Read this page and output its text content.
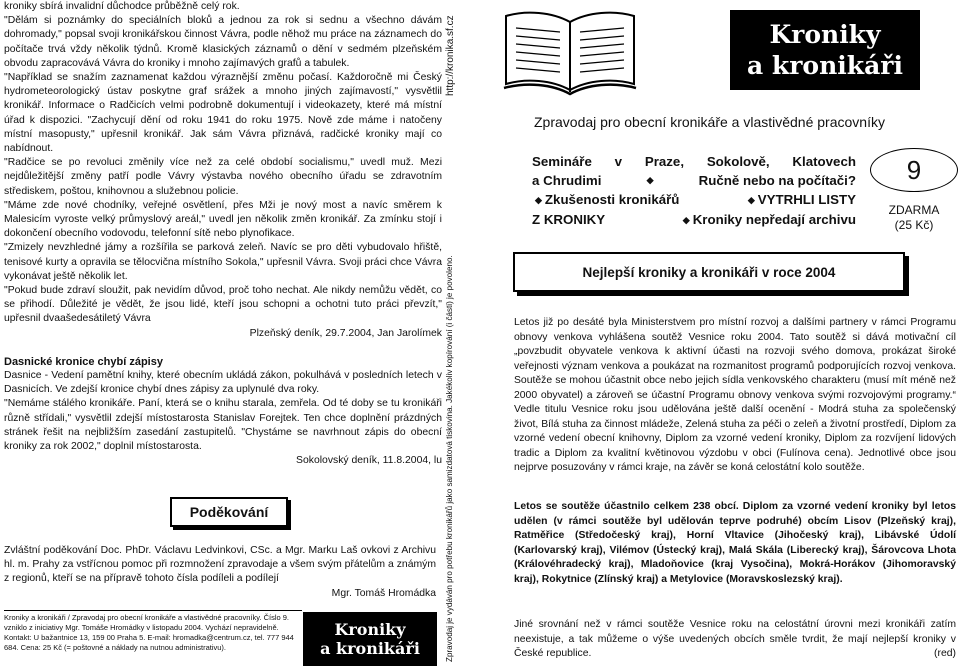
kroniky sbírá invalidní důchodce průběžně celý rok.

"Dělám si poznámky do speciálních bloků a jednou za rok si sednu a všechno dávám dohromady," popsal svoji kronikářskou činnost Vávra, podle něhož mu práce na záznamech do počítače trvá vždy několik týdnů. Kromě klasických záznamů o dění v sedmém plzeňském obvodu zapracovává Vávra do kroniky i mnoho zajímavých grafů a tabulek.

"Například se snažím zaznamenat každou výraznější změnu počasí. Každoročně mi Český hydrometeorologický ústav poskytne graf srážek a mnoho jiných zajímavostí," vysvětlil kronikář. Informace o Radčicích velmi podrobně dokumentují i videokazety, které má místní úřad k dispozici. "Zachycují dění od roku 1941 do roku 1975. Nově zde máme i natočeny místní masopusty," upřesnil kronikář. Jak sám Vávra přiznává, radčické kroniky mají co nabídnout.

"Radčice se po revoluci změnily více než za celé období socialismu," uvedl muž. Mezi nejdůležitější změny patří podle Vávry výstavba nového obecního úřadu se zdravotním střediskem, poštou, knihovnou a služebnou policie.

"Máme zde nové chodníky, veřejné osvětlení, přes Mži je nový most a navíc směrem k Malesicím vyroste velký průmyslový areál," uvedl jen několik změn kronikář. Za zmínku stojí i dokončení obecního vodovodu, telefonní sítě nebo plynofikace.

"Zmizely nevzhledné jámy a rozšířila se parková zeleň. Navíc se pro děti vybudovalo hřiště, tenisové kurty a opravila se tělocvična místního Sokola," upřesnil Vávra. Svoji práci chce Vávra vykonávat ještě několik let.

"Pokud bude zdraví sloužit, pak nevidím důvod, proč toho nechat. Ale nikdy nemůžu vědět, co se přihodí. Důležité je vědět, že jsou lidé, kteří jsou schopni a ochotni tuto práci převzít," upřesnil dvaašedesátiletý Vávra

Plzeňský deník, 29.7.2004, Jan Jarolímek

Dasnické kronice chybí zápisy

Dasnice - Vedení pamětní knihy, které obecním ukládá zákon, pokulhává v posledních letech v Dasnicích. Ve zdejší kronice chybí dnes zápisy za uplynulé dva roky.

"Nemáme stálého kronikáře. Paní, která se o knihu starala, zemřela. Od té doby se tu kronikáři různě střídali," vysvětlil zdejší místostarosta Stanislav Forejtek. Ten chce doplnění prázdných stránek řešit na nejbližším zasedání zastupitelů. "Chystáme se navrhnout zápis do obecní kroniky za rok 2002," doplnil místostarosta.

Sokolovský deník, 11.8.2004, lu

Poděkování

Zvláštní poděkování Doc. PhDr. Václavu Ledvinkovi, CSc. a Mgr. Marku Laš ovkovi z Archivu hl. m. Prahy za vstřícnou pomoc při rozmnožení zpravodaje a všem svým přátelům a známým z regionů, kteří se na přípravě tohoto čísla podíleli a podílejí

Mgr. Tomáš Hromádka

Kroniky a kronikáři / Zpravodaj pro obecní kronikáře a vlastivědné pracovníky. Číslo 9. vzniklo z iniciativy Mgr. Tomáše Hromádky v listopadu 2004. Vychází nepravidelně. Kontakt: U bažantnice 13, 159 00 Praha 5. E-mail: hromadka@centrum.cz, tel. 777 944 684. Cena: 25 Kč (= poštovné a náklady na nutnou administrativu).

Kroniky
a kronikáři
http://kronika.sf.cz
Zpravodaj je vydáván pro potřebu kronikářů jako samizdatová tiskovina. Jakékoliv kopírování (i části) je povoleno.
Kroniky
a kronikáři
Zpravodaj pro obecní kronikáře a vlastivědné pracovníky
Semináře v Praze, Sokolově, Klatovech
a Chrudimi	◆	Ručně nebo na počítači?
◆ Zkušenosti kronikářů	◆ VYTRHLI LISTY
Z KRONIKY	◆ Kroniky nepředají archivu
9
ZDARMA
(25 Kč)
Nejlepší kroniky a kronikáři v roce 2004

Letos již po desáté byla Ministerstvem pro místní rozvoj a dalšími partnery v rámci Programu obnovy venkova vyhlášena soutěž Vesnice roku 2004. Tato soutěž si dává motivační cíl „povzbudit obyvatele venkova k aktivní účasti na rozvoji svého domova, prokázat široké veřejnosti význam venkova a poukázat na rozmanitost programů podporujících rozvoj venkova. Soutěže se mohou účastnit obce nebo jejich sídla venkovského charakteru (musí mít méně než 2000 obyvatel) a zároveň se účastní Programu obnovy venkova svými rozvojovými programy.“ Vedle titulu Vesnice roku jsou udělována ještě další ocenění - Modrá stuha za společenský život, Bílá stuha za činnost mládeže, Zelená stuha za péči o zeleň a životní prostředí, Diplom za vzorné vedení obecní knihovny, Diplom za vzorné vedení kroniky, Diplom za rozvíjení lidových tradic a Diplom za kvalitní květinovou výzdobu v obci (Fulínova cena). Jednotlivé obce jsou nejprve posuzovány v rámci kraje, na závěr se koná celostátní kolo soutěže.

Letos se soutěže účastnilo celkem 238 obcí. Diplom za vzorné vedení kroniky byl letos udělen (v rámci soutěže byl udělován teprve podruhé) obcím Lisov (Plzeňský kraj), Ratměřice (Středočeský kraj), Horní Vltavice (Jihočeský kraj), Libávské Údolí (Karlovarský kraj), Vilémov (Ústecký kraj), Malá Skála (Liberecký kraj), Šárovcova Lhota (Královéhradecký kraj), Mladoňovice (kraj Vysočina), Mokrá-Horákov (Jihomoravský kraj), Rokytnice (Zlínský kraj) a Metylovice (Moravskoslezský kraj).

Jiné srovnání než v rámci soutěže Vesnice roku na celostátní úrovni mezi kronikáři zatím neexistuje, a tak můžeme o výše uvedených obcích směle tvrdit, že mají nejlepší kroniky v České republice.	(red)
